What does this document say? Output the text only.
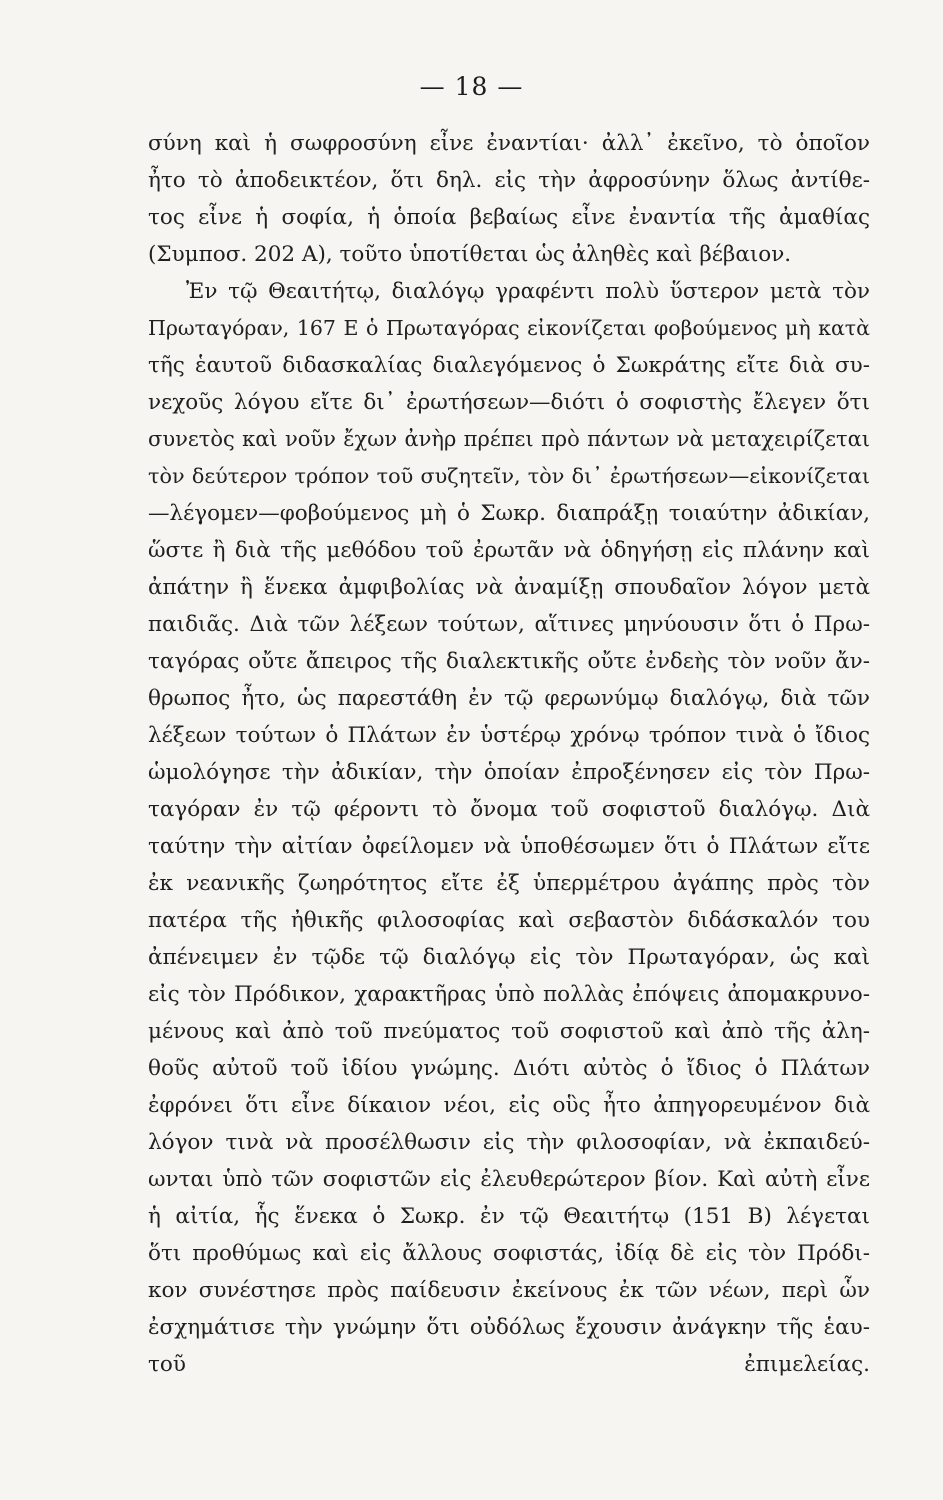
— 18 —
σύνη καὶ ἡ σωφροσύνη εἶνε ἐναντίαι· ἀλλ᾽ ἐκεῖνο, τὸ ὁποῖον
ἦτο τὸ ἀποδεικτέον, ὅτι δηλ. εἰς τὴν ἀφροσύνην ὅλως ἀντίθε-
τος εἶνε ἡ σοφία, ἡ ὁποία βεβαίως εἶνε ἐναντία τῆς ἀμαθίας
(Συμποσ. 202 Α), τοῦτο ὑποτίθεται ὡς ἀληθὲς καὶ βέβαιον.
Ἐν τῷ Θεαιτήτῳ, διαλόγῳ γραφέντι πολὺ ὕστερον μετὰ τὸν
Πρωταγόραν, 167 Ε ὁ Πρωταγόρας εἰκονίζεται φοβούμενος μὴ κατὰ
τῆς ἑαυτοῦ διδασκαλίας διαλεγόμενος ὁ Σωκράτης εἴτε διὰ συ-
νεχοῦς λόγου εἴτε δι᾽ ἐρωτήσεων—διότι ὁ σοφιστὴς ἔλεγεν ὅτι
συνετὸς καὶ νοῦν ἔχων ἀνὴρ πρέπει πρὸ πάντων νὰ μεταχειρίζεται
τὸν δεύτερον τρόπον τοῦ συζητεῖν, τὸν δι᾽ ἐρωτήσεων—εἰκονίζεται
—λέγομεν—φοβούμενος μὴ ὁ Σωκρ. διαπράξῃ τοιαύτην ἀδικίαν,
ὥστε ἢ διὰ τῆς μεθόδου τοῦ ἐρωτᾶν νὰ ὁδηγήσῃ εἰς πλάνην καὶ
ἀπάτην ἢ ἕνεκα ἀμφιβολίας νὰ ἀναμίξῃ σπουδαῖον λόγον μετὰ
παιδιᾶς. Διὰ τῶν λέξεων τούτων, αἵτινες μηνύουσιν ὅτι ὁ Πρω-
ταγόρας οὔτε ἄπειρος τῆς διαλεκτικῆς οὔτε ἐνδεὴς τὸν νοῦν ἄν-
θρωπος ἦτο, ὡς παρεστάθη ἐν τῷ φερωνύμῳ διαλόγῳ, διὰ τῶν
λέξεων τούτων ὁ Πλάτων ἐν ὑστέρῳ χρόνῳ τρόπον τινὰ ὁ ἴδιος
ὡμολόγησε τὴν ἀδικίαν, τὴν ὁποίαν ἐπροξένησεν εἰς τὸν Πρω-
ταγόραν ἐν τῷ φέροντι τὸ ὄνομα τοῦ σοφιστοῦ διαλόγῳ. Διὰ
ταύτην τὴν αἰτίαν ὀφείλομεν νὰ ὑποθέσωμεν ὅτι ὁ Πλάτων εἴτε
ἐκ νεανικῆς ζωηρότητος εἴτε ἐξ ὑπερμέτρου ἀγάπης πρὸς τὸν
πατέρα τῆς ἠθικῆς φιλοσοφίας καὶ σεβαστὸν διδάσκαλόν του
ἀπένειμεν ἐν τῷδε τῷ διαλόγῳ εἰς τὸν Πρωταγόραν, ὡς καὶ
εἰς τὸν Πρόδικον, χαρακτῆρας ὑπὸ πολλὰς ἐπόψεις ἀπομακρυνο-
μένους καὶ ἀπὸ τοῦ πνεύματος τοῦ σοφιστοῦ καὶ ἀπὸ τῆς ἀλη-
θοῦς αὐτοῦ τοῦ ἰδίου γνώμης. Διότι αὐτὸς ὁ ἴδιος ὁ Πλάτων
ἐφρόνει ὅτι εἶνε δίκαιον νέοι, εἰς οὓς ἦτο ἀπηγορευμένον διὰ
λόγον τινὰ νὰ προσέλθωσιν εἰς τὴν φιλοσοφίαν, νὰ ἐκπαιδεύ-
ωνται ὑπὸ τῶν σοφιστῶν εἰς ἐλευθερώτερον βίον. Καὶ αὐτὴ εἶνε
ἡ αἰτία, ἧς ἕνεκα ὁ Σωκρ. ἐν τῷ Θεαιτήτῳ (151 Β) λέγεται
ὅτι προθύμως καὶ εἰς ἄλλους σοφιστάς, ἰδίᾳ δὲ εἰς τὸν Πρόδι-
κον συνέστησε πρὸς παίδευσιν ἐκείνους ἐκ τῶν νέων, περὶ ὧν
ἐσχημάτισε τὴν γνώμην ὅτι οὐδόλως ἔχουσιν ἀνάγκην τῆς ἑαυ-
τοῦ ἐπιμελείας.
